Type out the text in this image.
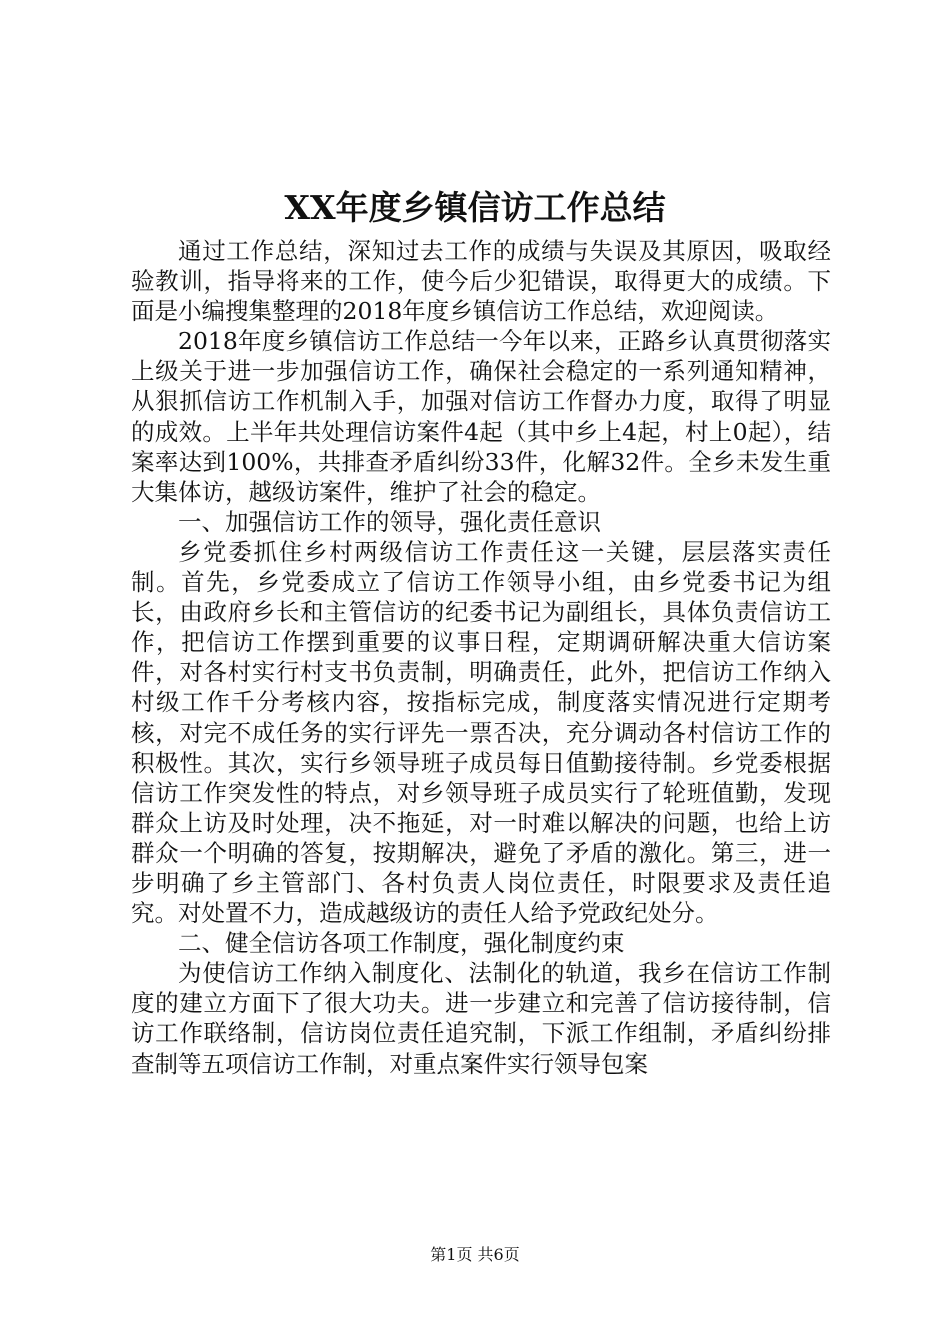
XX年度乡镇信访工作总结

通过工作总结，深知过去工作的成绩与失误及其原因，吸取经验教训，指导将来的工作，使今后少犯错误，取得更大的成绩。下面是小编搜集整理的2018年度乡镇信访工作总结，欢迎阅读。

2018年度乡镇信访工作总结一今年以来，正路乡认真贯彻落实上级关于进一步加强信访工作，确保社会稳定的一系列通知精神，从狠抓信访工作机制入手，加强对信访工作督办力度，取得了明显的成效。上半年共处理信访案件4起（其中乡上4起，村上0起），结案率达到100%，共排查矛盾纠纷33件，化解32件。全乡未发生重大集体访，越级访案件，维护了社会的稳定。

一、加强信访工作的领导，强化责任意识

乡党委抓住乡村两级信访工作责任这一关键，层层落实责任制。首先，乡党委成立了信访工作领导小组，由乡党委书记为组长，由政府乡长和主管信访的纪委书记为副组长，具体负责信访工作，把信访工作摆到重要的议事日程，定期调研解决重大信访案件，对各村实行村支书负责制，明确责任，此外，把信访工作纳入村级工作千分考核内容，按指标完成，制度落实情况进行定期考核，对完不成任务的实行评先一票否决，充分调动各村信访工作的积极性。其次，实行乡领导班子成员每日值勤接待制。乡党委根据信访工作突发性的特点，对乡领导班子成员实行了轮班值勤，发现群众上访及时处理，决不拖延，对一时难以解决的问题，也给上访群众一个明确的答复，按期解决，避免了矛盾的激化。第三，进一步明确了乡主管部门、各村负责人岗位责任，时限要求及责任追究。对处置不力，造成越级访的责任人给予党政纪处分。

二、健全信访各项工作制度，强化制度约束

为使信访工作纳入制度化、法制化的轨道，我乡在信访工作制度的建立方面下了很大功夫。进一步建立和完善了信访接待制，信访工作联络制，信访岗位责任追究制，下派工作组制，矛盾纠纷排查制等五项信访工作制，对重点案件实行领导包案

第1页 共6页
